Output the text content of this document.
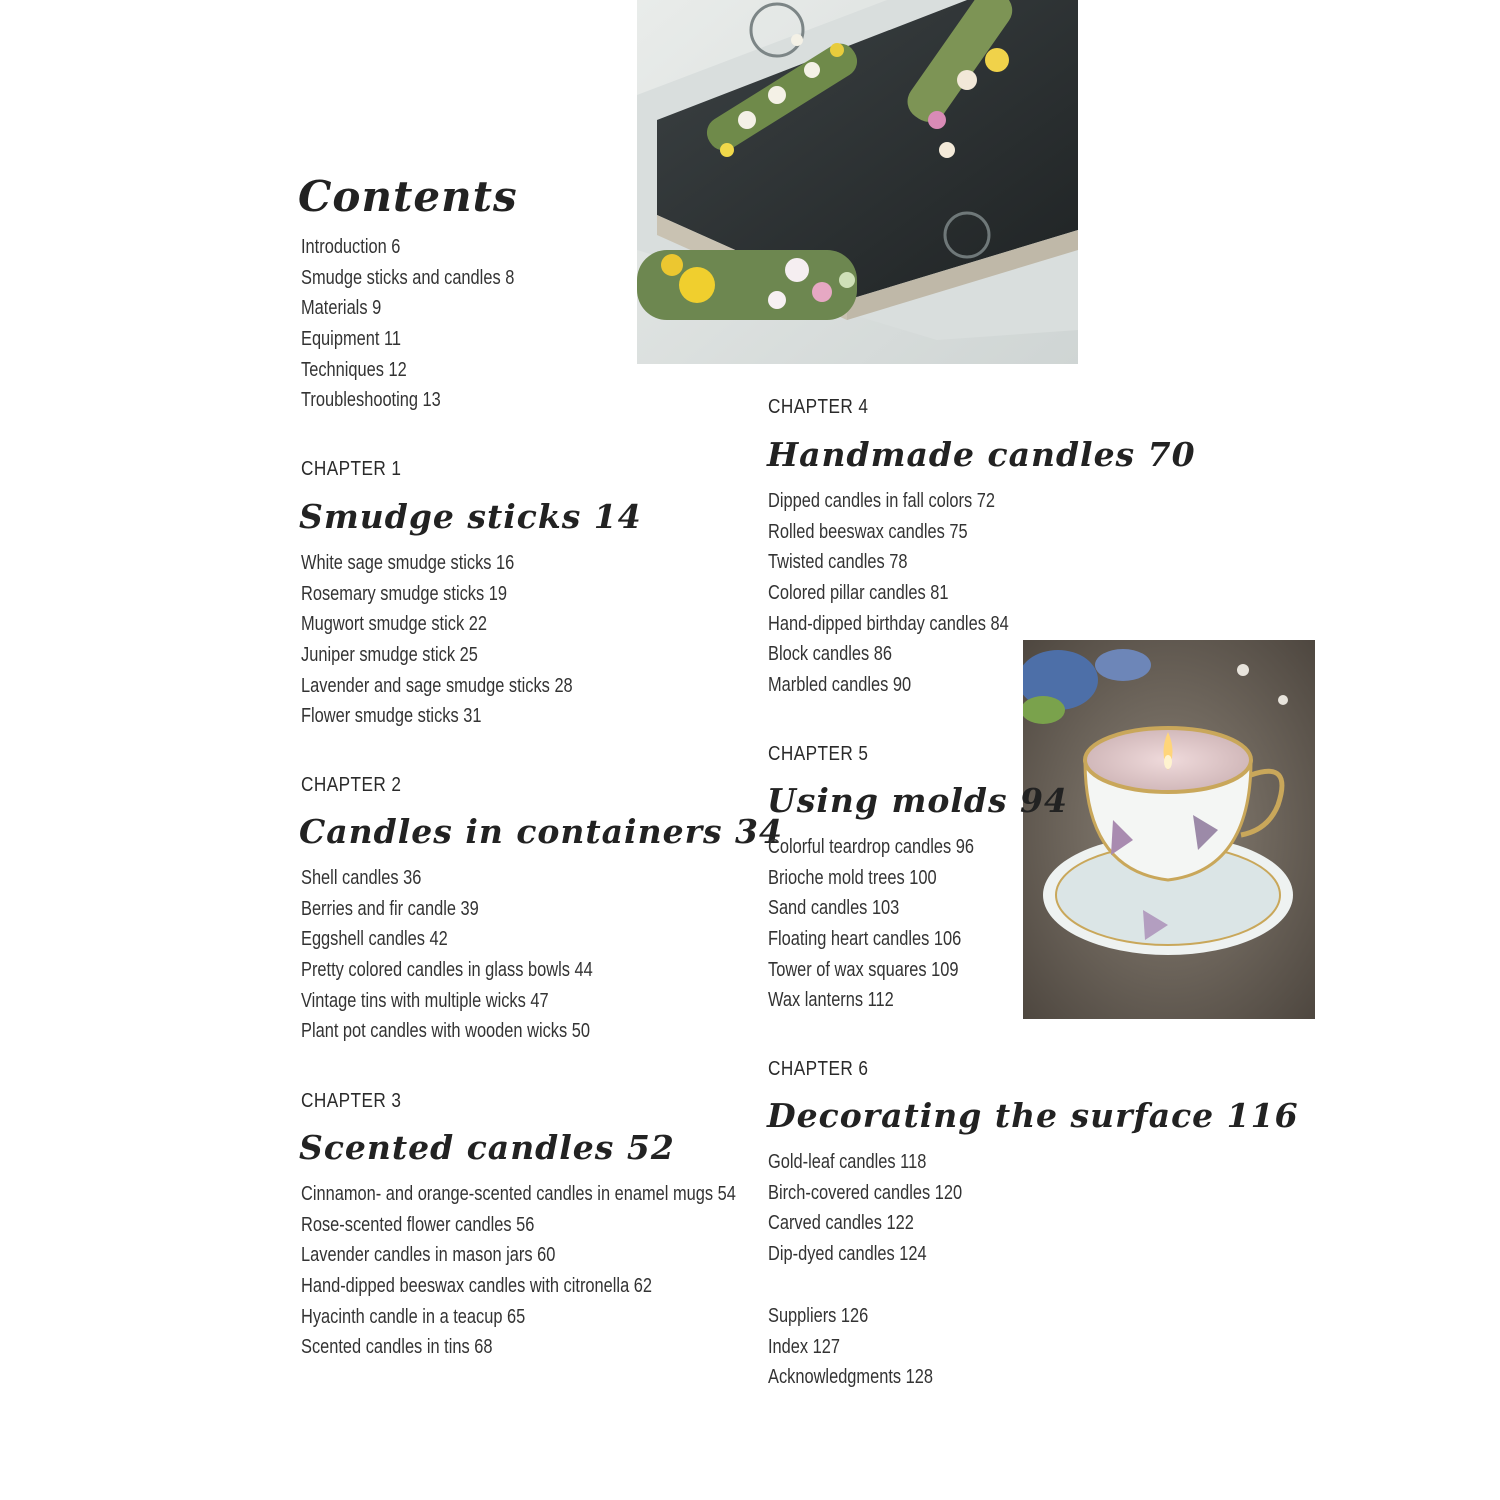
Contents
Introduction 6
Smudge sticks and candles 8
Materials 9
Equipment 11
Techniques 12
Troubleshooting 13
CHAPTER 1
Smudge sticks 14
White sage smudge sticks 16
Rosemary smudge sticks 19
Mugwort smudge stick 22
Juniper smudge stick 25
Lavender and sage smudge sticks 28
Flower smudge sticks 31
CHAPTER 2
Candles in containers 34
Shell candles 36
Berries and fir candle 39
Eggshell candles 42
Pretty colored candles in glass bowls 44
Vintage tins with multiple wicks 47
Plant pot candles with wooden wicks 50
CHAPTER 3
Scented candles 52
Cinnamon- and orange-scented candles in enamel mugs 54
Rose-scented flower candles 56
Lavender candles in mason jars 60
Hand-dipped beeswax candles with citronella 62
Hyacinth candle in a teacup 65
Scented candles in tins 68
CHAPTER 4
Handmade candles 70
Dipped candles in fall colors 72
Rolled beeswax candles 75
Twisted candles 78
Colored pillar candles 81
Hand-dipped birthday candles 84
Block candles 86
Marbled candles 90
CHAPTER 5
Using molds 94
Colorful teardrop candles 96
Brioche mold trees 100
Sand candles 103
Floating heart candles 106
Tower of wax squares 109
Wax lanterns 112
CHAPTER 6
Decorating the surface 116
Gold-leaf candles 118
Birch-covered candles 120
Carved candles 122
Dip-dyed candles 124
Suppliers 126
Index 127
Acknowledgments 128
